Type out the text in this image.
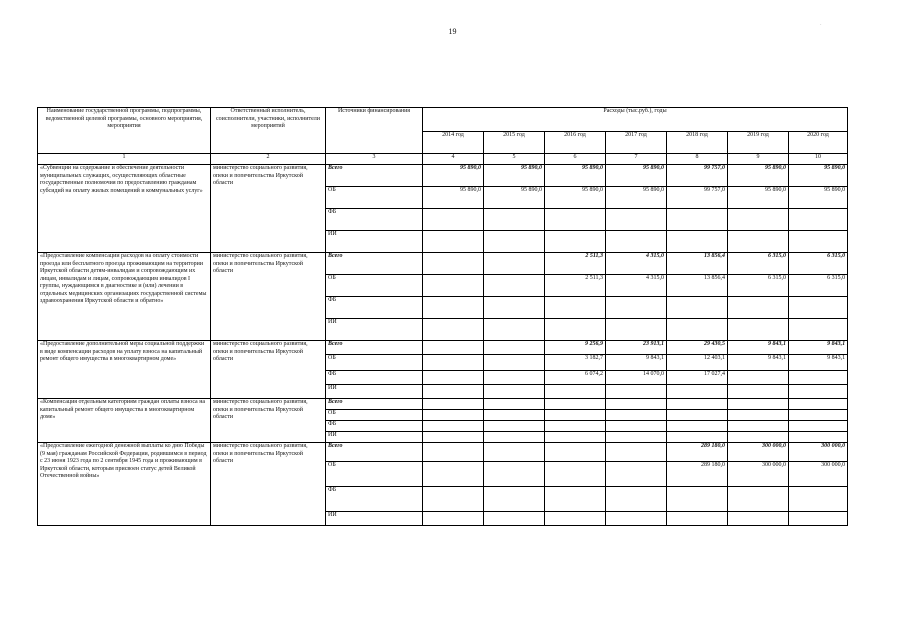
19
·
Наименование государственной программы, подпрограммы, ведомственной целевой программы, основного мероприятия, мероприятия	Ответственный исполнитель, соисполнители, участники, исполнители мероприятий	Источники финансирования	Расходы (тыс.руб.), годы						
			2014 год	2015 год	2016 год	2017 год	2018 год	2019 год	2020 год
1	2	3	4	5	6	7	8	9	10
«Субвенции на содержание и обеспечение деятельности муниципальных служащих, осуществляющих областные государственные полномочия по предоставлению гражданам субсидий на оплату жилых помещений и коммунальных услуг»	министерство социального развития, опеки и попечительства Иркутской области	Всего	95 890,0	95 890,0	95 890,0	95 890,0	99 757,0	95 890,0	95 890,0
		ОБ	95 890,0	95 890,0	95 890,0	95 890,0	99 757,0	95 890,0	95 890,0
		ФБ							
		ИИ							
«Предоставление компенсации расходов на оплату стоимости проезда или бесплатного проезда проживающим на территории Иркутской области детям-инвалидам и сопровождающим их лицам, инвалидам и лицам, сопровождающим инвалидов I группы, нуждающимся в диагностике и (или) лечении в отдельных медицинских организациях государственной системы здравоохранения Иркутской области и обратно»	министерство социального развития, опеки и попечительства Иркутской области	Всего			2 511,3	4 315,0	13 856,4	6 315,0	6 315,0
		ОБ			2 511,3	4 315,0	13 856,4	6 315,0	6 315,0
		ФБ							
		ИИ							
«Предоставление дополнительной меры социальной поддержки в виде компенсации расходов на уплату взноса на капитальный ремонт общего имущества в многоквартирном доме»	министерство социального развития, опеки и попечительства Иркутской области	Всего			9 256,9	23 913,1	29 430,5	9 843,1	9 843,1
		ОБ			3 182,7	9 843,1	12 403,1	9 843,1	9 843,1
		ФБ			6 074,2	14 070,0	17 027,4		
		ИИ							
«Компенсация отдельным категориям граждан оплаты взноса на капитальный ремонт общего имущества в многоквартирном доме»	министерство социального развития, опеки и попечительства Иркутской области	Всего							
		ОБ							
		ФБ							
		ИИ							
«Предоставление ежегодной денежной выплаты ко дню Победы (9 мая) гражданам Российской Федерации, родившимся в период с 23 июня 1923 года по 2 сентября 1945 года и проживающим в Иркутской области, которым присвоен статус детей Великой Отечественной войны»	министерство социального развития, опеки и попечительства Иркутской области	Всего					289 180,0	300 000,0	300 000,0
		ОБ					289 180,0	300 000,0	300 000,0
		ФБ							
		ИИ							
